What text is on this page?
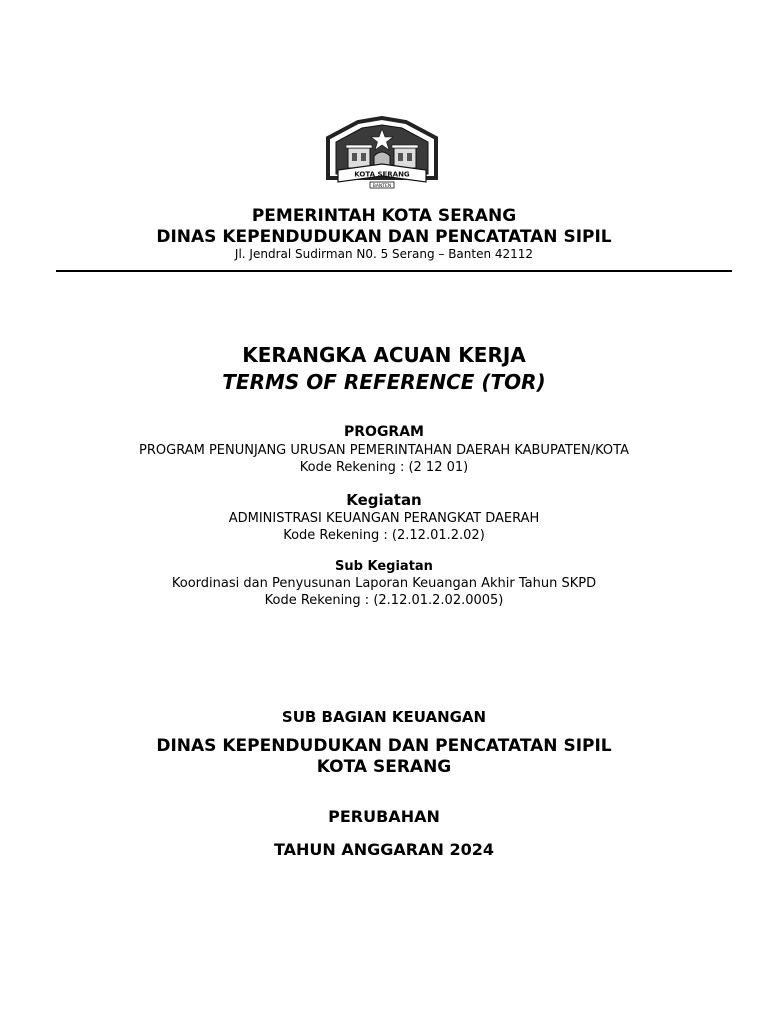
KOTA SERANG
BANTEN
PEMERINTAH KOTA SERANG
DINAS KEPENDUDUKAN DAN PENCATATAN SIPIL
Jl. Jendral Sudirman N0. 5 Serang – Banten 42112
KERANGKA ACUAN KERJA
TERMS OF REFERENCE (TOR)
PROGRAM
PROGRAM PENUNJANG URUSAN PEMERINTAHAN DAERAH KABUPATEN/KOTA
Kode Rekening : (2 12 01)
Kegiatan
ADMINISTRASI KEUANGAN PERANGKAT DAERAH
Kode Rekening : (2.12.01.2.02)
Sub Kegiatan
Koordinasi dan Penyusunan Laporan Keuangan Akhir Tahun SKPD
Kode Rekening : (2.12.01.2.02.0005)
SUB BAGIAN KEUANGAN
DINAS KEPENDUDUKAN DAN PENCATATAN SIPIL
KOTA SERANG
PERUBAHAN
TAHUN ANGGARAN 2024
